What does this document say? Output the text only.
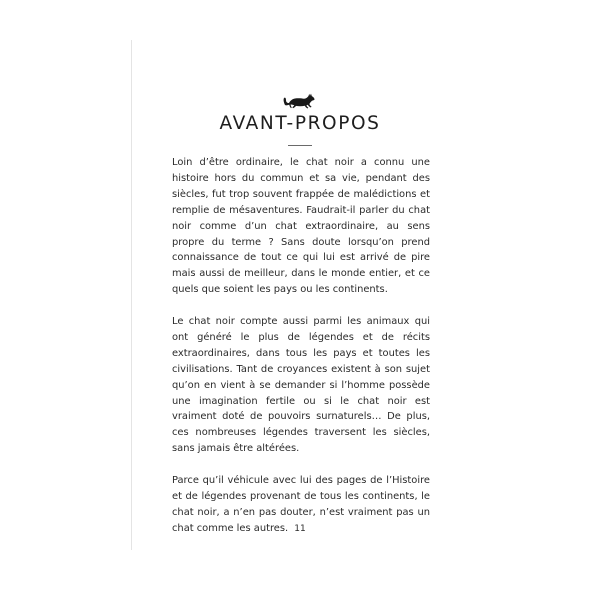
AVANT-PROPOS

Loin d’être ordinaire, le chat noir a connu une histoire hors du commun et sa vie, pendant des siècles, fut trop souvent frappée de malédictions et remplie de mésaventures. Faudrait-il parler du chat noir comme d’un chat extraordinaire, au sens propre du terme ? Sans doute lorsqu’on prend connaissance de tout ce qui lui est arrivé de pire mais aussi de meilleur, dans le monde entier, et ce quels que soient les pays ou les continents.

Le chat noir compte aussi parmi les animaux qui ont généré le plus de légendes et de récits extraordinaires, dans tous les pays et toutes les civilisations. Tant de croyances existent à son sujet qu’on en vient à se demander si l’homme possède une imagination fertile ou si le chat noir est vraiment doté de pouvoirs surnaturels… De plus, ces nombreuses légendes traversent les siècles, sans jamais être altérées.

Parce qu’il véhicule avec lui des pages de l’Histoire et de légendes provenant de tous les continents, le chat noir, a n’en pas douter, n’est vraiment pas un chat comme les autres. 11
